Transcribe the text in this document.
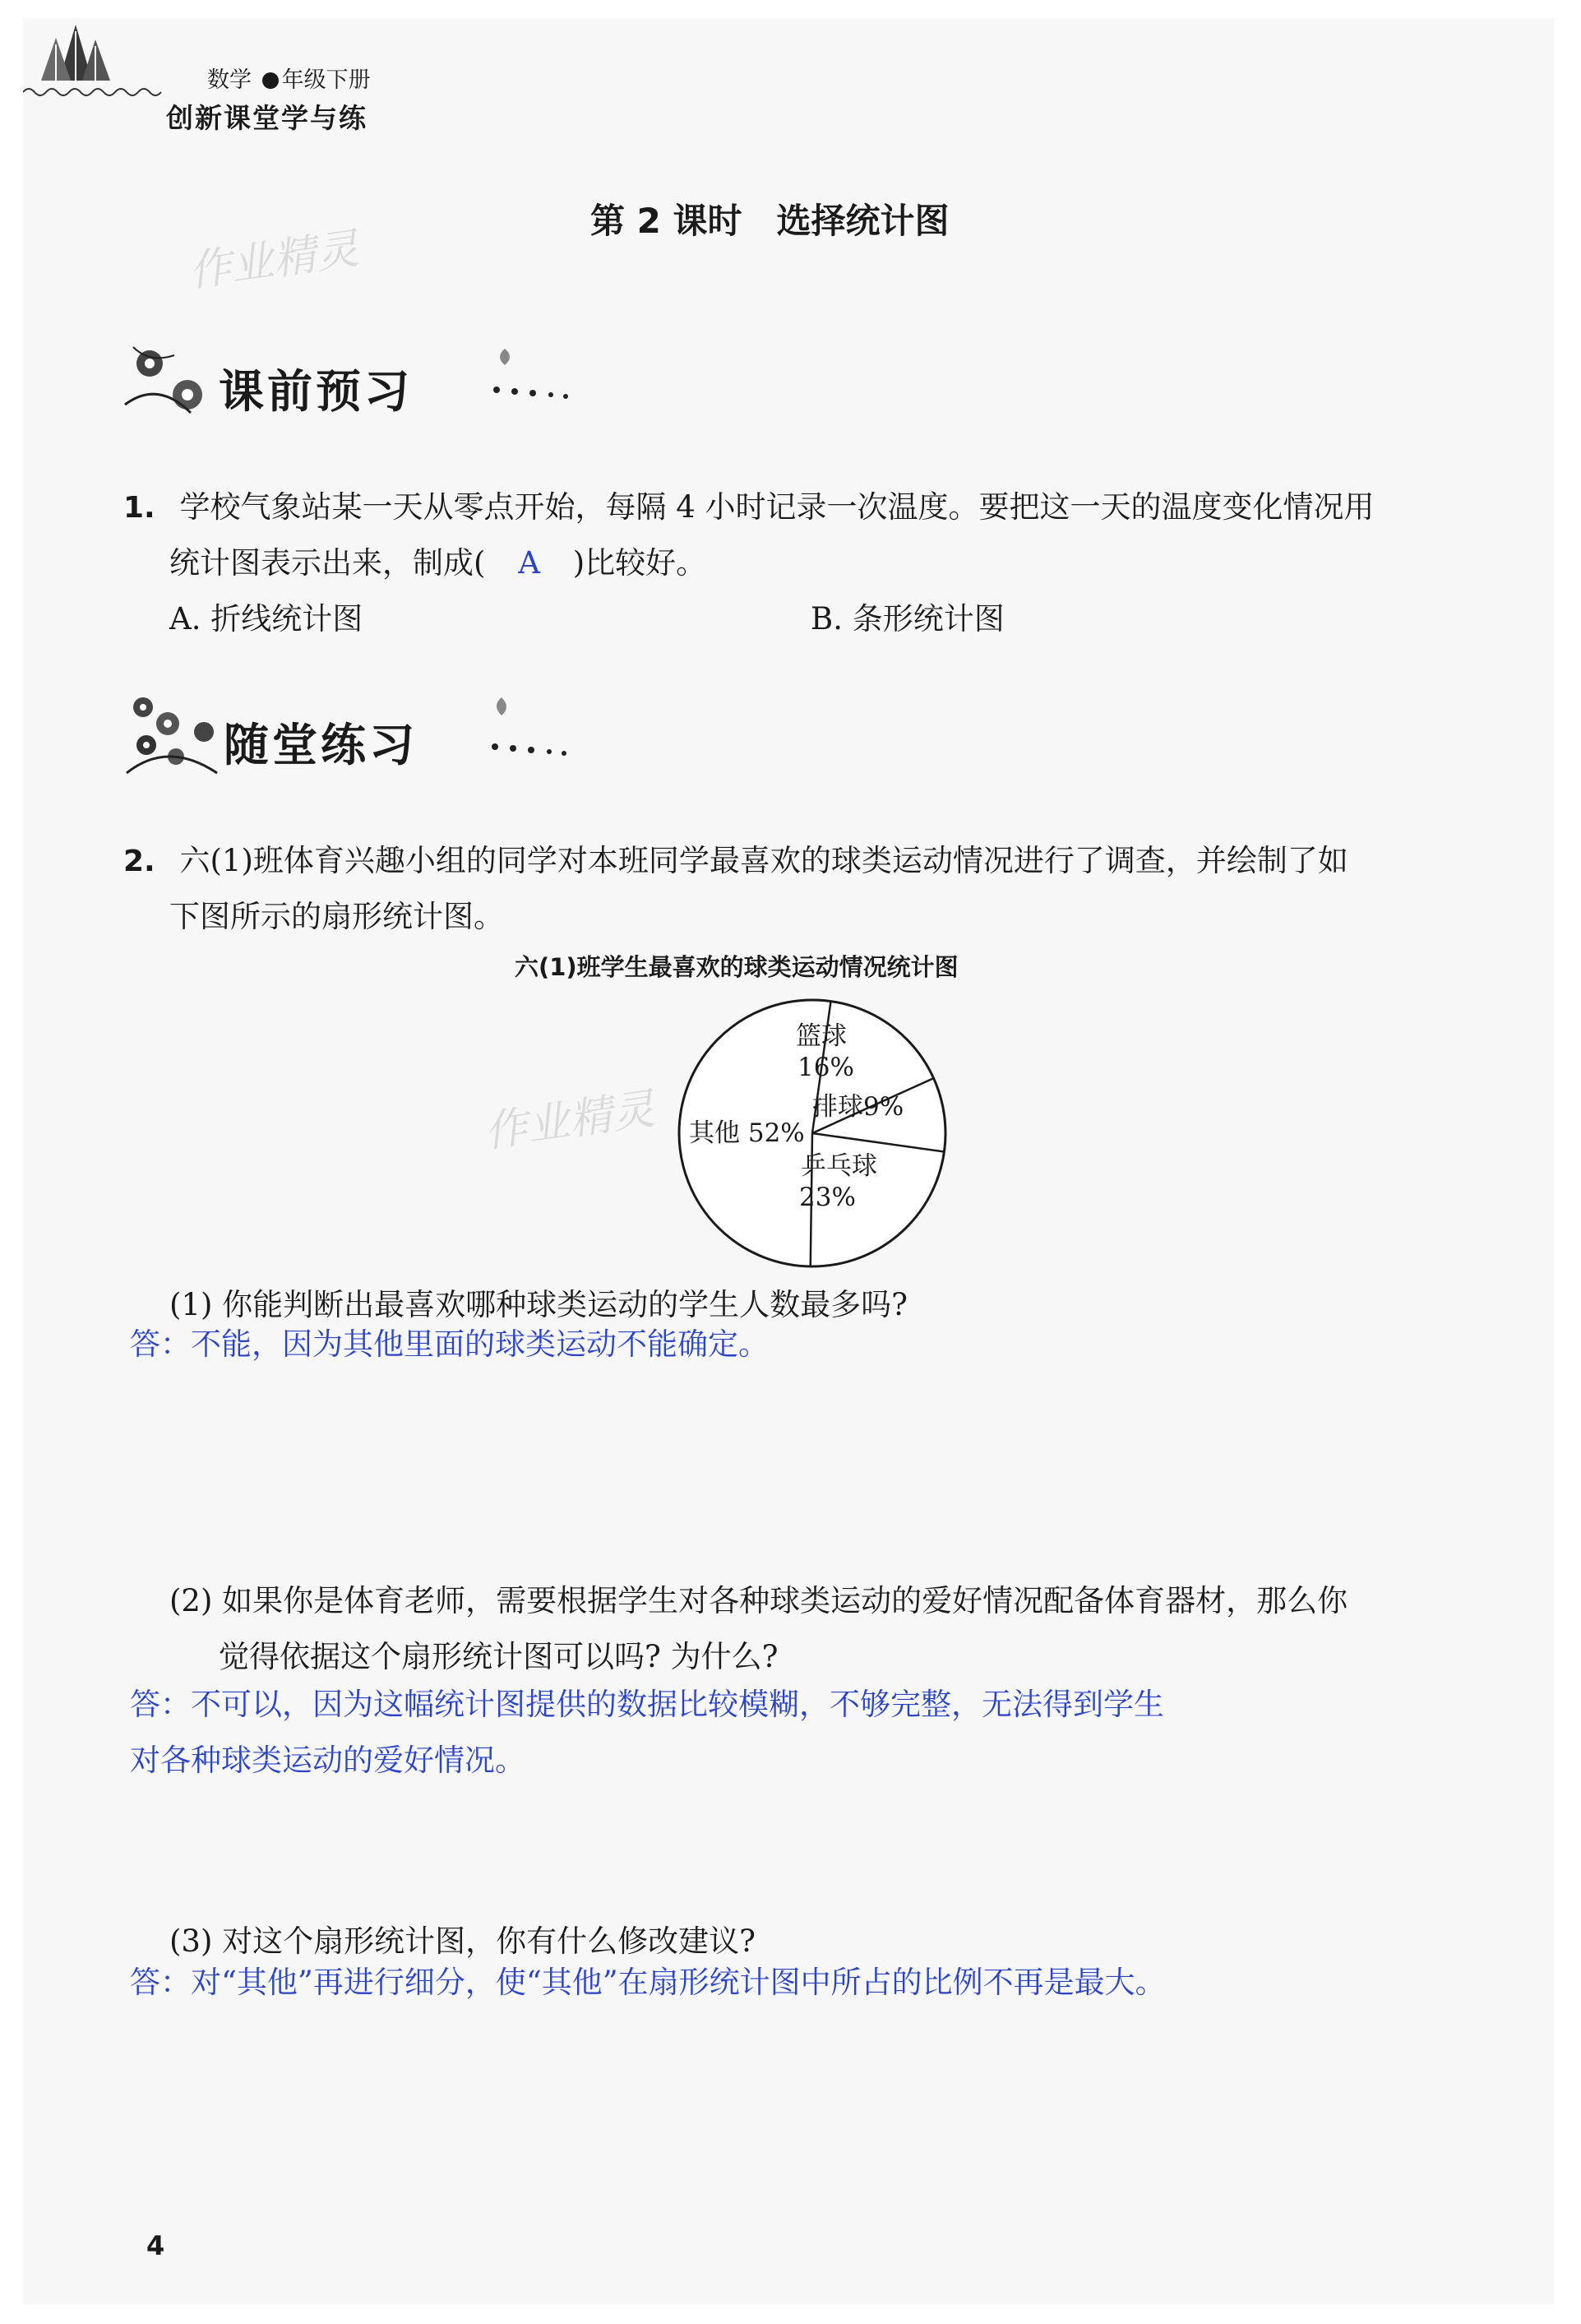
数学 年级下册
创新课堂学与练
第 2 课时　选择统计图
作业精灵
课前预习
1. 学校气象站某一天从零点开始，每隔 4 小时记录一次温度。要把这一天的温度变化情况用
统计图表示出来，制成( A )比较好。
A. 折线统计图	B. 条形统计图
随堂练习
2. 六(1)班体育兴趣小组的同学对本班同学最喜欢的球类运动情况进行了调查，并绘制了如
下图所示的扇形统计图。
六(1)班学生最喜欢的球类运动情况统计图
篮球
16%
排球9%
乒乓球
23%
其他 52%
作业精灵
(1) 你能判断出最喜欢哪种球类运动的学生人数最多吗?
答：不能，因为其他里面的球类运动不能确定。
(2) 如果你是体育老师，需要根据学生对各种球类运动的爱好情况配备体育器材，那么你
觉得依据这个扇形统计图可以吗? 为什么?
答：不可以，因为这幅统计图提供的数据比较模糊，不够完整，无法得到学生
对各种球类运动的爱好情况。
(3) 对这个扇形统计图，你有什么修改建议?
答：对“其他”再进行细分，使“其他”在扇形统计图中所占的比例不再是最大。
4
